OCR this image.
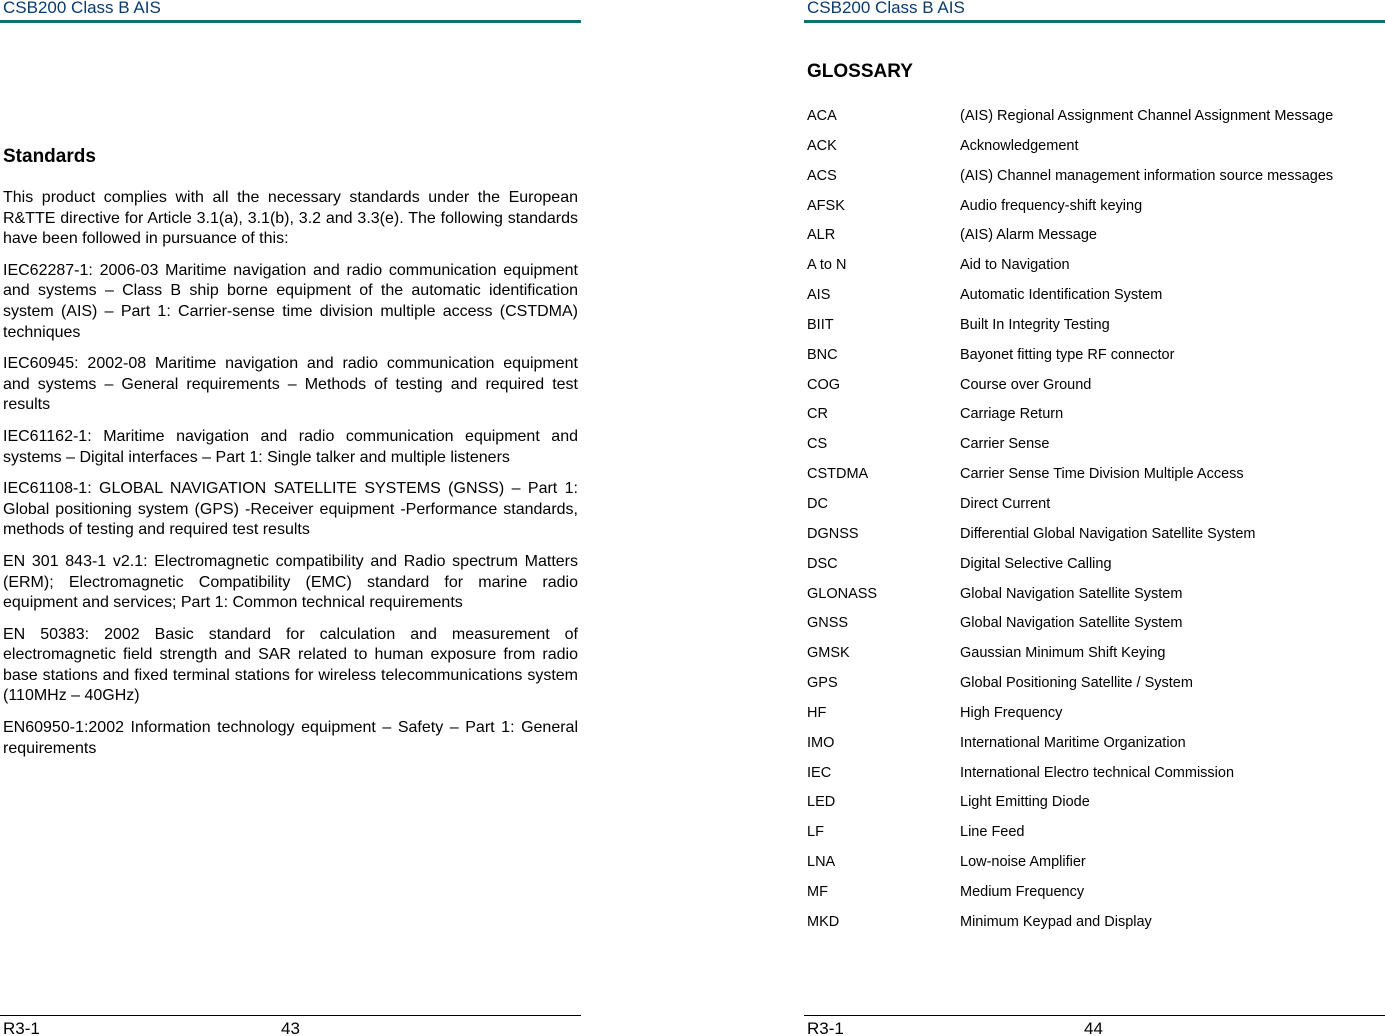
CSB200 Class B AIS
Standards

This product complies with all the necessary standards under the European R&TTE directive for Article 3.1(a), 3.1(b), 3.2 and 3.3(e). The following standards have been followed in pursuance of this:

IEC62287-1: 2006-03 Maritime navigation and radio communication equipment and systems – Class B ship borne equipment of the automatic identification system (AIS) – Part 1: Carrier-sense time division multiple access (CSTDMA) techniques

IEC60945: 2002-08 Maritime navigation and radio communication equipment and systems – General requirements – Methods of testing and required test results

IEC61162-1: Maritime navigation and radio communication equipment and systems – Digital interfaces – Part 1: Single talker and multiple listeners

IEC61108-1: GLOBAL NAVIGATION SATELLITE SYSTEMS (GNSS) – Part 1: Global positioning system (GPS) -Receiver equipment -Performance standards, methods of testing and required test results

EN 301 843-1 v2.1: Electromagnetic compatibility and Radio spectrum Matters (ERM); Electromagnetic Compatibility (EMC) standard for marine radio equipment and services; Part 1: Common technical requirements

EN 50383: 2002 Basic standard for calculation and measurement of electromagnetic field strength and SAR related to human exposure from radio base stations and fixed terminal stations for wireless telecommunications system (110MHz – 40GHz)

EN60950-1:2002 Information technology equipment – Safety – Part 1: General requirements

R3-1	43
CSB200 Class B AIS
GLOSSARY
ACA	(AIS) Regional Assignment Channel Assignment Message
ACK	Acknowledgement
ACS	(AIS) Channel management information source messages
AFSK	Audio frequency-shift keying
ALR	(AIS) Alarm Message
A to N	Aid to Navigation
AIS	Automatic Identification System
BIIT	Built In Integrity Testing
BNC	Bayonet fitting type RF connector
COG	Course over Ground
CR	Carriage Return
CS	Carrier Sense
CSTDMA	Carrier Sense Time Division Multiple Access
DC	Direct Current
DGNSS	Differential Global Navigation Satellite System
DSC	Digital Selective Calling
GLONASS	Global Navigation Satellite System
GNSS	Global Navigation Satellite System
GMSK	Gaussian Minimum Shift Keying
GPS	Global Positioning Satellite / System
HF	High Frequency
IMO	International Maritime Organization
IEC	International Electro technical Commission
LED	Light Emitting Diode
LF	Line Feed
LNA	Low-noise Amplifier
MF	Medium Frequency
MKD	Minimum Keypad and Display
R3-1	44
